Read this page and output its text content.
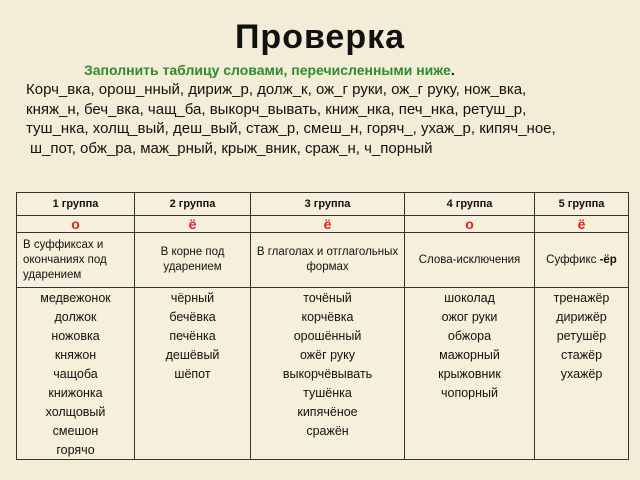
Проверка
Заполнить таблицу словами, перечисленными ниже.
Корч_вка, орош_нный, дириж_р, долж_к, ож_г руки, ож_г руку, нож_вка,
княж_н, беч_вка, чащ_ба, выкорч_вывать, книж_нка, печ_нка, ретуш_р,
туш_нка, холщ_вый, деш_вый, стаж_р, смеш_н, горяч_, ухаж_р, кипяч_ное,
ш_пот, обж_ра, маж_рный, крыж_вник, сраж_н, ч_порный
1 группа	2 группа	3 группа	4 группа	5 группа
о	ё	ё	о	ё
В суффиксах и окончаниях под ударением	В корне под ударением	В глаголах и отглагольных формах	Слова-исключения	Суффикс -ёр
медвежонок	чёрный	точёный	шоколад	тренажёр
должок	бечёвка	корчёвка	ожог руки	дирижёр
ножовка	печёнка	орошённый	обжора	ретушёр
княжон	дешёвый	ожёг руку	мажорный	стажёр
чащоба	шёпот	выкорчёвывать	крыжовник	ухажёр
книжонка		тушёнка	чопорный	
холщовый		кипячёное		
смешон		сражён		
горячо				
